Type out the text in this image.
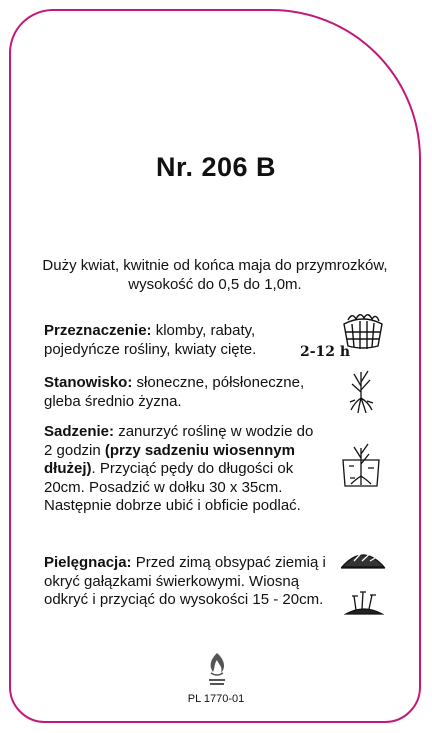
Nr. 206 B
Duży kwiat, kwitnie od końca maja do przymrozków, wysokość do 0,5 do 1,0m.
Przeznaczenie: klomby, rabaty, pojedyńcze rośliny, kwiaty cięte.
Stanowisko: słoneczne, półsłoneczne, gleba średnio żyzna.
Sadzenie: zanurzyć roślinę w wodzie do 2 godzin (przy sadzeniu wiosennym dłużej). Przyciąć pędy do długości ok 20cm. Posadzić w dołku 30 x 35cm. Następnie dobrze ubić i obficie podlać.
Pielęgnacja: Przed zimą obsypać ziemią i okryć gałązkami świerkowymi. Wiosną odkryć i przyciąć do wysokości 15 - 20cm.
2-12 h
PL 1770-01
